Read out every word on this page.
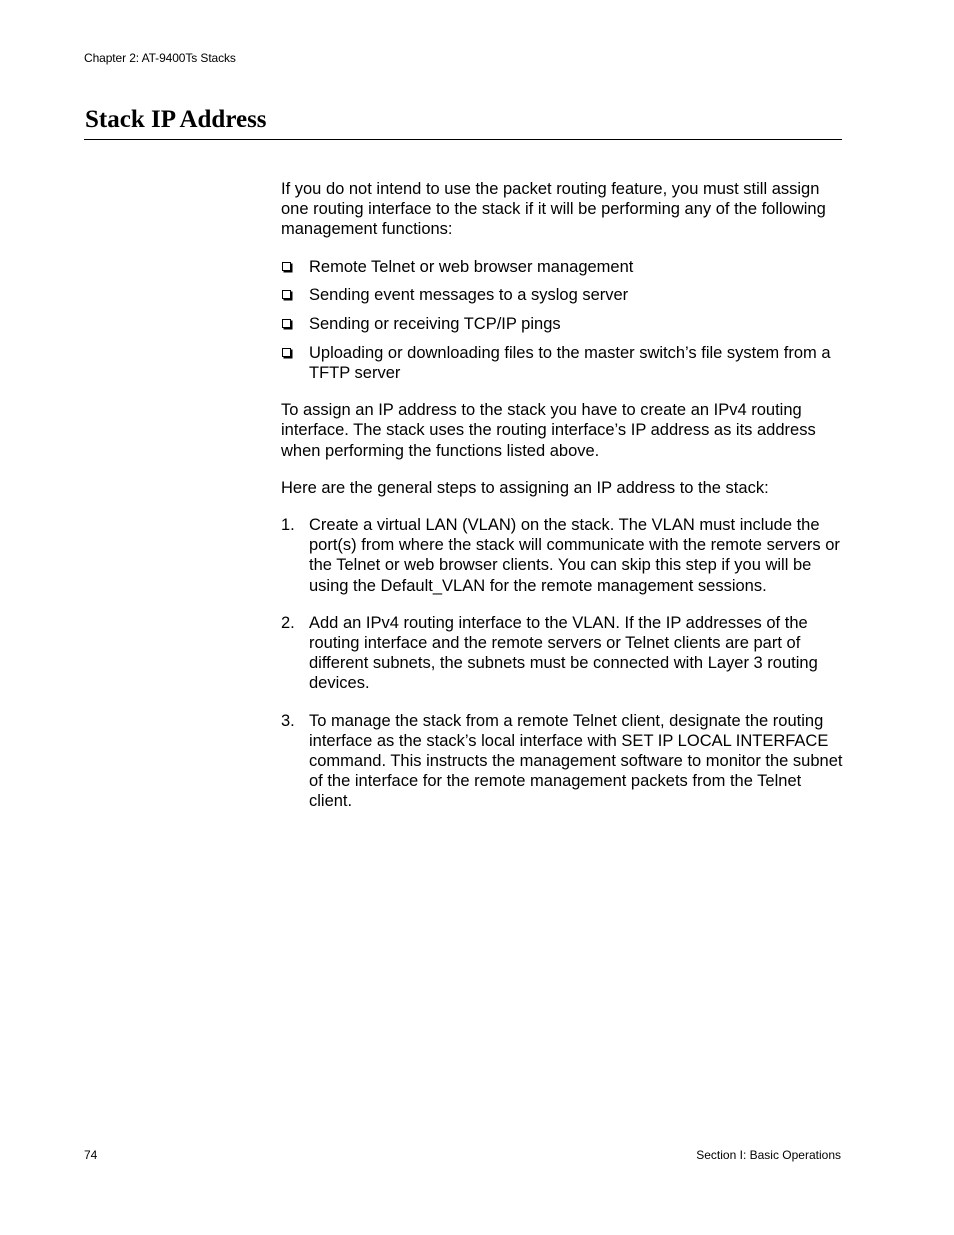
Chapter 2: AT-9400Ts Stacks
Stack IP Address

If you do not intend to use the packet routing feature, you must still assign one routing interface to the stack if it will be performing any of the following management functions:

Remote Telnet or web browser management
Sending event messages to a syslog server
Sending or receiving TCP/IP pings
Uploading or downloading files to the master switch’s file system from a TFTP server

To assign an IP address to the stack you have to create an IPv4 routing interface. The stack uses the routing interface’s IP address as its address when performing the functions listed above.

Here are the general steps to assigning an IP address to the stack:

1. Create a virtual LAN (VLAN) on the stack. The VLAN must include the port(s) from where the stack will communicate with the remote servers or the Telnet or web browser clients. You can skip this step if you will be using the Default_VLAN for the remote management sessions.
2. Add an IPv4 routing interface to the VLAN. If the IP addresses of the routing interface and the remote servers or Telnet clients are part of different subnets, the subnets must be connected with Layer 3 routing devices.
3. To manage the stack from a remote Telnet client, designate the routing interface as the stack’s local interface with SET IP LOCAL INTERFACE command. This instructs the management software to monitor the subnet of the interface for the remote management packets from the Telnet client.
74	Section I: Basic Operations
